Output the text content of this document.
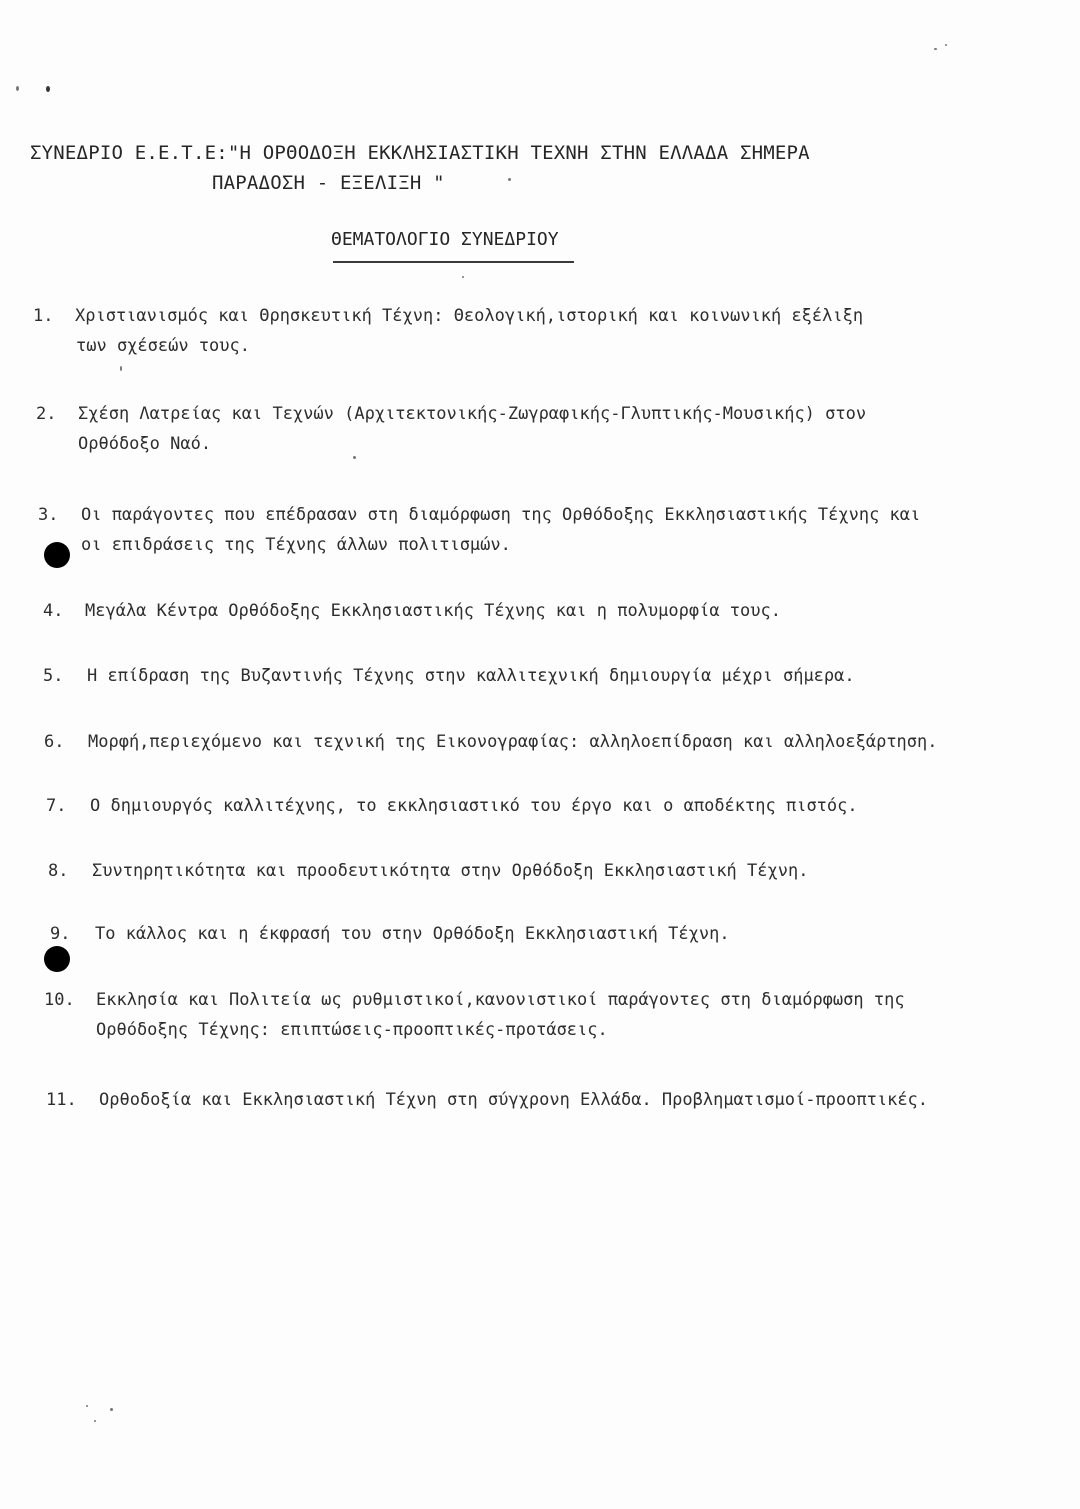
ΣΥΝΕΔΡΙΟ Ε.Ε.Τ.Ε:"Η ΟΡΘΟΔΟΞΗ ΕΚΚΛΗΣΙΑΣΤΙΚΗ ΤΕΧΝΗ ΣΤΗΝ ΕΛΛΑΔΑ ΣΗΜΕΡΑ
ΠΑΡΑΔΟΣΗ - ΕΞΕΛΙΞΗ "
ΘΕΜΑΤΟΛΟΓΙΟ ΣΥΝΕΔΡΙΟΥ
1. Χριστιανισμός και Θρησκευτική Τέχνη: Θεολογική,ιστορική και κοινωνική εξέλιξη
των σχέσεών τους.
2. Σχέση Λατρείας και Τεχνών (Αρχιτεκτονικής-Ζωγραφικής-Γλυπτικής-Μουσικής) στον
Ορθόδοξο Ναό.
3. Οι παράγοντες που επέδρασαν στη διαμόρφωση της Ορθόδοξης Εκκλησιαστικής Τέχνης και
οι επιδράσεις της Τέχνης άλλων πολιτισμών.
4. Μεγάλα Κέντρα Ορθόδοξης Εκκλησιαστικής Τέχνης και η πολυμορφία τους.
5. Η επίδραση της Βυζαντινής Τέχνης στην καλλιτεχνική δημιουργία μέχρι σήμερα.
6. Μορφή,περιεχόμενο και τεχνική της Εικονογραφίας: αλληλοεπίδραση και αλληλοεξάρτηση.
7. Ο δημιουργός καλλιτέχνης, το εκκλησιαστικό του έργο και ο αποδέκτης πιστός.
8. Συντηρητικότητα και προοδευτικότητα στην Ορθόδοξη Εκκλησιαστική Τέχνη.
9. Το κάλλος και η έκφρασή του στην Ορθόδοξη Εκκλησιαστική Τέχνη.
10. Εκκλησία και Πολιτεία ως ρυθμιστικοί,κανονιστικοί παράγοντες στη διαμόρφωση της
Ορθόδοξης Τέχνης: επιπτώσεις-προοπτικές-προτάσεις.
11. Ορθοδοξία και Εκκλησιαστική Τέχνη στη σύγχρονη Ελλάδα. Προβληματισμοί-προοπτικές.
